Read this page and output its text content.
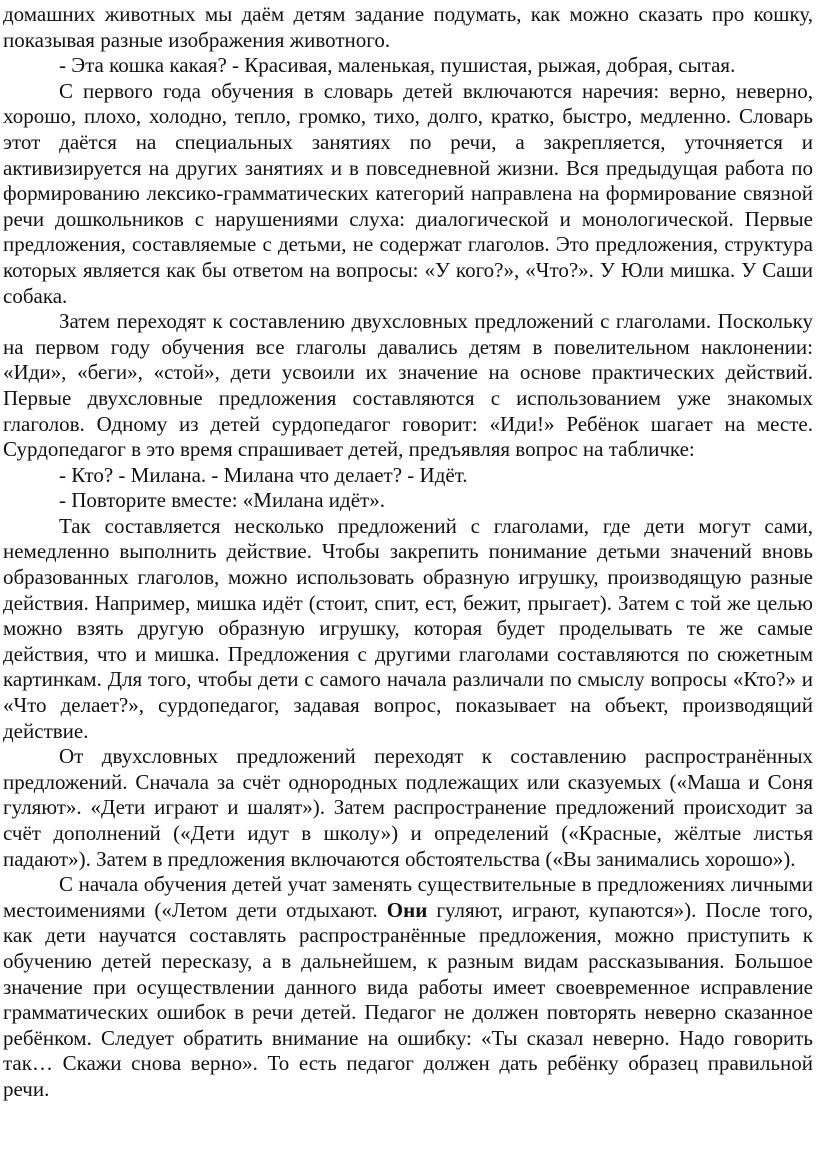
домашних животных мы даём детям задание подумать, как можно сказать про кошку, показывая разные изображения животного.

- Эта кошка какая? - Красивая, маленькая, пушистая, рыжая, добрая, сытая.

С первого года обучения в словарь детей включаются наречия: верно, неверно, хорошо, плохо, холодно, тепло, громко, тихо, долго, кратко, быстро, медленно. Словарь этот даётся на специальных занятиях по речи, а закрепляется, уточняется и активизируется на других занятиях и в повседневной жизни. Вся предыдущая работа по формированию лексико-грамматических категорий направлена на формирование связной речи дошкольников с нарушениями слуха: диалогической и монологической. Первые предложения, составляемые с детьми, не содержат глаголов. Это предложения, структура которых является как бы ответом на вопросы: «У кого?», «Что?». У Юли мишка. У Саши собака.

Затем переходят к составлению двухсловных предложений с глаголами. Поскольку на первом году обучения все глаголы давались детям в повелительном наклонении: «Иди», «беги», «стой», дети усвоили их значение на основе практических действий. Первые двухсловные предложения составляются с использованием уже знакомых глаголов. Одному из детей сурдопедагог говорит: «Иди!» Ребёнок шагает на месте. Сурдопедагог в это время спрашивает детей, предъявляя вопрос на табличке:

- Кто? - Милана. - Милана что делает? - Идёт.

- Повторите вместе: «Милана идёт».

Так составляется несколько предложений с глаголами, где дети могут сами, немедленно выполнить действие. Чтобы закрепить понимание детьми значений вновь образованных глаголов, можно использовать образную игрушку, производящую разные действия. Например, мишка идёт (стоит, спит, ест, бежит, прыгает). Затем с той же целью можно взять другую образную игрушку, которая будет проделывать те же самые действия, что и мишка. Предложения с другими глаголами составляются по сюжетным картинкам. Для того, чтобы дети с самого начала различали по смыслу вопросы «Кто?» и «Что делает?», сурдопедагог, задавая вопрос, показывает на объект, производящий действие.

От двухсловных предложений переходят к составлению распространённых предложений. Сначала за счёт однородных подлежащих или сказуемых («Маша и Соня гуляют». «Дети играют и шалят»). Затем распространение предложений происходит за счёт дополнений («Дети идут в школу») и определений («Красные, жёлтые листья падают»). Затем в предложения включаются обстоятельства («Вы занимались хорошо»).

С начала обучения детей учат заменять существительные в предложениях личными местоимениями («Летом дети отдыхают. Они гуляют, играют, купаются»). После того, как дети научатся составлять распространённые предложения, можно приступить к обучению детей пересказу, а в дальнейшем, к разным видам рассказывания. Большое значение при осуществлении данного вида работы имеет своевременное исправление грамматических ошибок в речи детей. Педагог не должен повторять неверно сказанное ребёнком. Следует обратить внимание на ошибку: «Ты сказал неверно. Надо говорить так… Скажи снова верно». То есть педагог должен дать ребёнку образец правильной речи.
